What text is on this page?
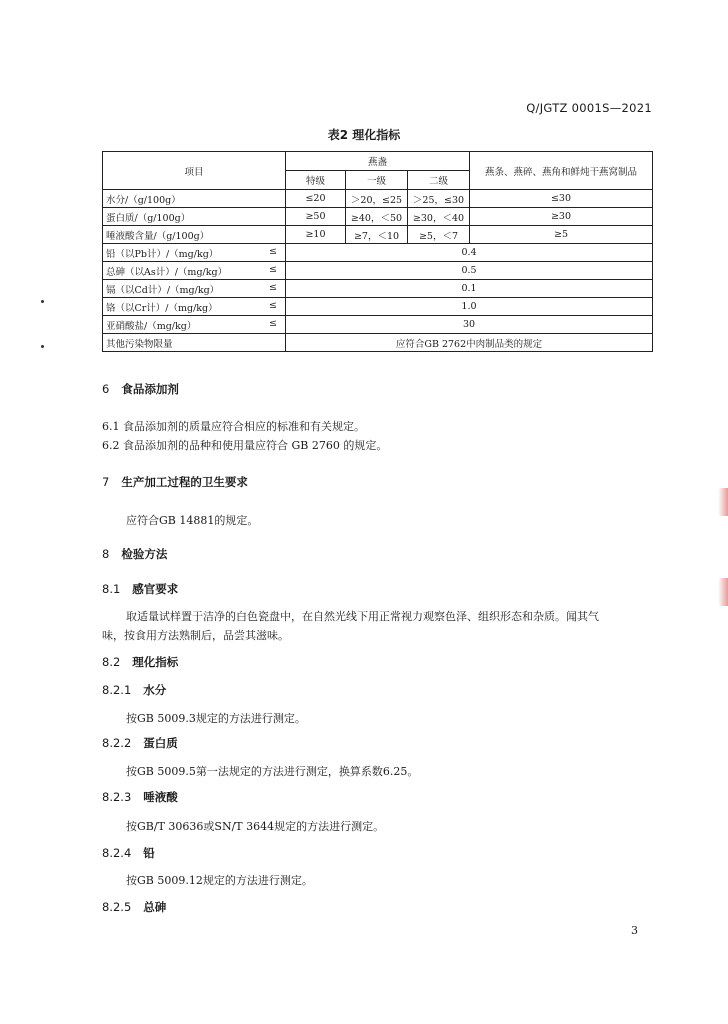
Q/JGTZ 0001S—2021
表2 理化指标
项目	燕盏			燕条、燕碎、燕角和鲜炖干燕窝制品
	特级	一级	二级	
水分/（g/100g）	≤20	＞20，≤25	＞25，≤30	≤30
蛋白质/（g/100g）	≥50	≥40，＜50	≥30，＜40	≥30
唾液酸含量/（g/100g）	≥10	≥7，＜10	≥5，＜7	≥5
铅（以Pb计）/（mg/kg） ≤	0.4			
总砷（以As计）/（mg/kg） ≤	0.5			
镉（以Cd计）/（mg/kg） ≤	0.1			
铬（以Cr计）/（mg/kg） ≤	1.0			
亚硝酸盐/（mg/kg） ≤	30			
其他污染物限量	应符合GB 2762中肉制品类的规定			
6 食品添加剂
6.1 食品添加剂的质量应符合相应的标准和有关规定。
6.2 食品添加剂的品种和使用量应符合 GB 2760 的规定。
7 生产加工过程的卫生要求
应符合GB 14881的规定。
8 检验方法
8.1 感官要求
取适量试样置于洁净的白色瓷盘中，在自然光线下用正常视力观察色泽、组织形态和杂质。闻其气
味，按食用方法熟制后，品尝其滋味。
8.2 理化指标
8.2.1 水分
按GB 5009.3规定的方法进行测定。
8.2.2 蛋白质
按GB 5009.5第一法规定的方法进行测定，换算系数6.25。
8.2.3 唾液酸
按GB/T 30636或SN/T 3644规定的方法进行测定。
8.2.4 铅
按GB 5009.12规定的方法进行测定。
8.2.5 总砷
3
